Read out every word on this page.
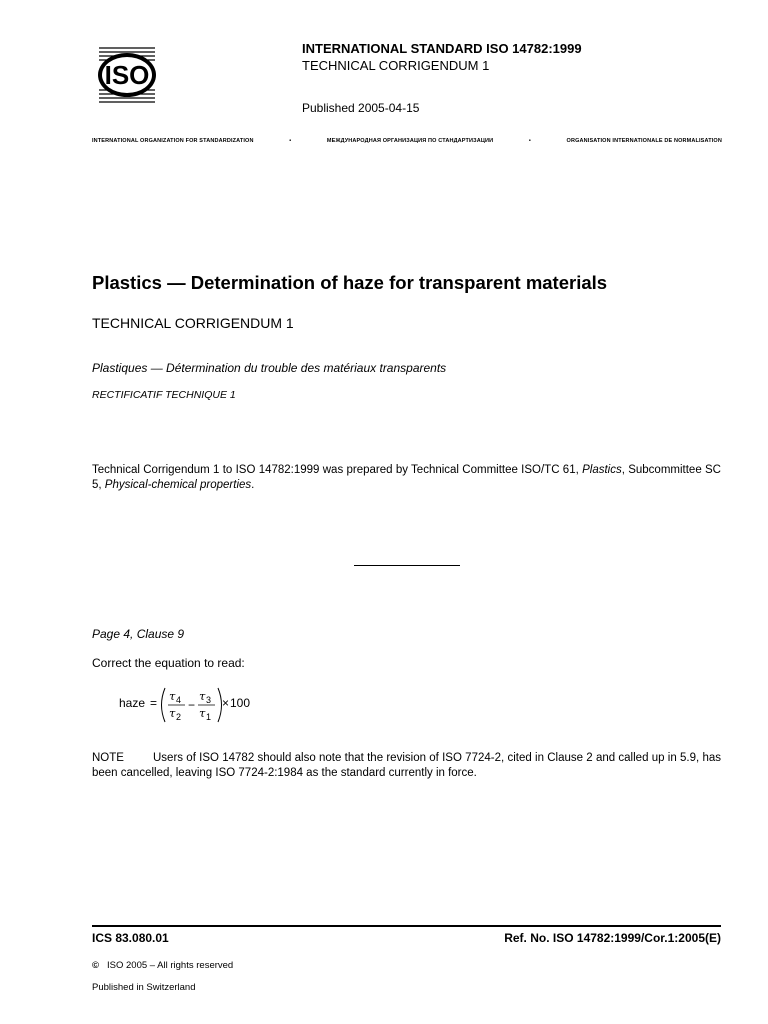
ISO
INTERNATIONAL STANDARD ISO 14782:1999
TECHNICAL CORRIGENDUM 1
Published 2005-04-15
INTERNATIONAL ORGANIZATION FOR STANDARDIZATION	•	МЕЖДУНАРОДНАЯ ОРГАНИЗАЦИЯ ПО СТАНДАРТИЗАЦИИ	•	ORGANISATION INTERNATIONALE DE NORMALISATION
Plastics — Determination of haze for transparent materials
TECHNICAL CORRIGENDUM 1
Plastiques — Détermination du trouble des matériaux transparents
RECTIFICATIF TECHNIQUE 1
Technical Corrigendum 1 to ISO 14782:1999 was prepared by Technical Committee ISO/TC 61, Plastics, Subcommittee SC 5, Physical-chemical properties.
Page 4, Clause 9
Correct the equation to read:
haze = τ 4
τ 2
−
τ 3
τ 1
× 100
NOTE	Users of ISO 14782 should also note that the revision of ISO 7724-2, cited in Clause 2 and called up in 5.9, has been cancelled, leaving ISO 7724-2:1984 as the standard currently in force.
ICS 83.080.01	Ref. No. ISO 14782:1999/Cor.1:2005(E)
© ISO 2005 – All rights reserved
Published in Switzerland
